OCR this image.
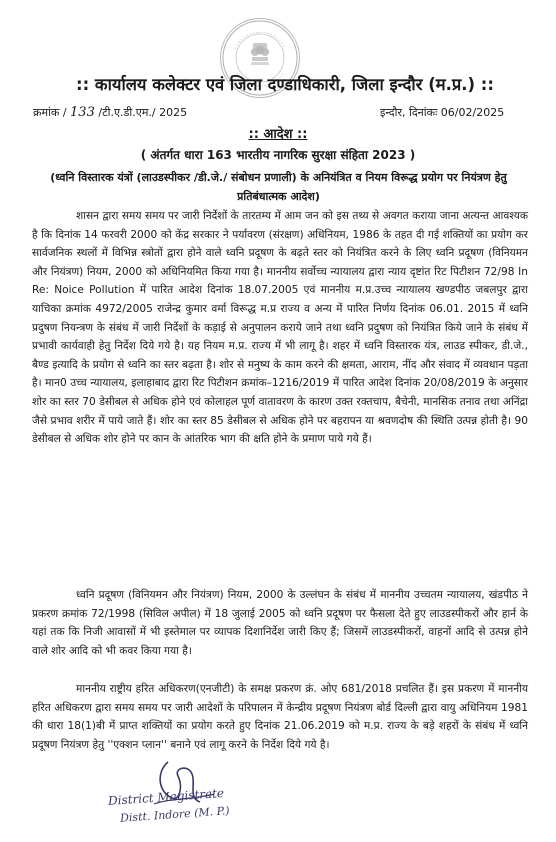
:: कार्यालय कलेक्टर एवं जिला दण्डाधिकारी, जिला इन्दौर (म.प्र.) ::
क्रमांक / 133 /टी.ए.डी.एम./ 2025	इन्दौर, दिनांकः 06/02/2025
:: आदेश ::
( अंतर्गत धारा 163 भारतीय नागरिक सुरक्षा संहिता 2023 )
(ध्वनि विस्तारक यंत्रों (लाउडस्पीकर /डी.जे./ संबोधन प्रणाली) के अनियंत्रित व नियम विरूद्ध प्रयोग पर नियंत्रण हेतु प्रतिबंधात्मक आदेश)

शासन द्वारा समय समय पर जारी निर्देशों के तारतम्य में आम जन को इस तथ्य से अवगत कराया जाना अत्यन्त आवश्यक है कि दिनांक 14 फरवरी 2000 को केंद्र सरकार ने पर्यावरण (संरक्षण) अधिनियम, 1986 के तहत दी गई शक्तियों का प्रयोग कर सार्वजनिक स्थलों में विभिन्न स्त्रोतों द्वारा होने वाले ध्वनि प्रदूषण के बढ़ते स्तर को नियंत्रित करने के लिए ध्वनि प्रदूषण (विनियमन और नियंत्रण) नियम, 2000 को अधिनियमित किया गया है। माननीय सर्वोच्च न्यायालय द्वारा न्याय दृष्टांत रिट पिटीशन 72/98 In Re: Noice Pollution में पारित आदेश दिनांक 18.07.2005 एवं माननीय म.प्र.उच्च न्यायालय खण्डपीठ जबलपुर द्वारा याचिका क्रमांक 4972/2005 राजेन्द्र कुमार वर्मा विरूद्ध म.प्र राज्य व अन्य में पारित निर्णय दिनांक 06.01. 2015 में ध्वनि प्रदुषण नियन्त्रण के संबंध में जारी निर्देशों के कड़ाई से अनुपालन कराये जाने तथा ध्वनि प्रदुषण को नियंत्रित किये जाने के संबंध में प्रभावी कार्यवाही हेतु निर्देश दिये गये है। यह नियम म.प्र. राज्य में भी लागू है। शहर में ध्वनि विस्तारक यंत्र, लाउड स्पीकर, डी.जे., बैण्ड इत्यादि के प्रयोग से ध्वनि का स्तर बढ़ता है। शोर से मनुष्य के काम करने की क्षमता, आराम, नींद और संवाद में व्यवधान पड़ता है। मान0 उच्च न्यायालय, इलाहाबाद द्वारा रिट पिटीशन क्रमांक–1216/2019 में पारित आदेश दिनांक 20/08/2019 के अनुसार शोर का स्तर 70 डेसीबल से अधिक होने एवं कोलाहल पूर्ण वातावरण के कारण उक्त रक्तचाप, बैचेनी, मानसिक तनाव तथा अनिंद्रा जैसे प्रभाव शरीर में पाये जाते हैं। शोर का स्तर 85 डेसीबल से अधिक होने पर बहरापन या श्रवणदोष की स्थिति उत्पन्न होती है। 90 डेसीबल से अधिक शोर होने पर कान के आंतरिक भाग की क्षति होने के प्रमाण पाये गये हैं।

ध्वनि प्रदूषण (विनियमन और नियंत्रण) नियम, 2000 के उल्लंघन के संबंध में माननीय उच्चतम न्यायालय, खंडपीठ ने प्रकरण क्रमांक 72/1998 (सिविल अपील) में 18 जुलाई 2005 को ध्वनि प्रदूषण पर फैसला देते हुए लाउडस्पीकरों और हार्न के यहां तक कि निजी आवासों में भी इस्तेमाल पर व्यापक दिशानिर्देश जारी किए हैं; जिसमें लाउडस्पीकरों, वाहनों आदि से उत्पन्न होने वाले शोर आदि को भी कवर किया गया है।

माननीय राष्ट्रीय हरित अधिकरण(एनजीटी) के समक्ष प्रकरण क्रं. ओए 681/2018 प्रचलित हैं। इस प्रकरण में माननीय हरित अधिकरण द्वारा समय समय पर जारी आदेशों के परिपालन में केन्द्रीय प्रदूषण नियंत्रण बोर्ड दिल्ली द्वारा वायु अधिनियम 1981 की धारा 18(1)बी में प्राप्त शक्तियों का प्रयोग करते हुए दिनांक 21.06.2019 को म.प्र. राज्य के बड़े शहरों के संबंध में ध्वनि प्रदूषण नियंत्रण हेतु ''एक्शन प्लान'' बनाने एवं लागू करने के निर्देश दिये गये है।

District Magistrate
Distt. Indore (M. P.)
